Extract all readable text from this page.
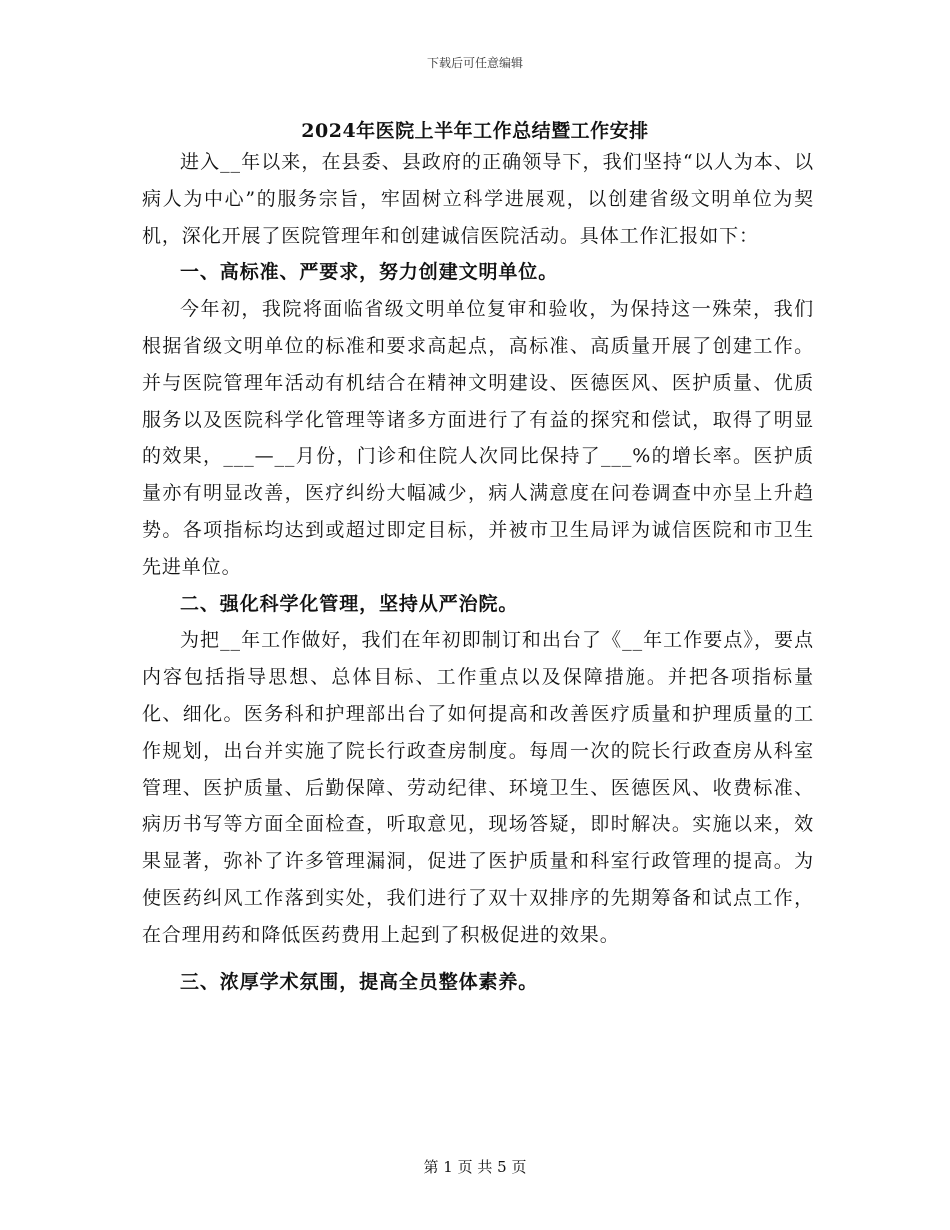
下载后可任意编辑
2024年医院上半年工作总结暨工作安排

进入__年以来，在县委、县政府的正确领导下，我们坚持“以人为本、以病人为中心”的服务宗旨，牢固树立科学进展观，以创建省级文明单位为契机，深化开展了医院管理年和创建诚信医院活动。具体工作汇报如下：

一、高标准、严要求，努力创建文明单位。

今年初，我院将面临省级文明单位复审和验收，为保持这一殊荣，我们根据省级文明单位的标准和要求高起点，高标准、高质量开展了创建工作。并与医院管理年活动有机结合在精神文明建设、医德医风、医护质量、优质服务以及医院科学化管理等诸多方面进行了有益的探究和偿试，取得了明显的效果，___—__月份，门诊和住院人次同比保持了___%的增长率。医护质量亦有明显改善，医疗纠纷大幅减少，病人满意度在问卷调查中亦呈上升趋势。各项指标均达到或超过即定目标，并被市卫生局评为诚信医院和市卫生先进单位。

二、强化科学化管理，坚持从严治院。

为把__年工作做好，我们在年初即制订和出台了《__年工作要点》，要点内容包括指导思想、总体目标、工作重点以及保障措施。并把各项指标量化、细化。医务科和护理部出台了如何提高和改善医疗质量和护理质量的工作规划，出台并实施了院长行政查房制度。每周一次的院长行政查房从科室管理、医护质量、后勤保障、劳动纪律、环境卫生、医德医风、收费标准、病历书写等方面全面检查，听取意见，现场答疑，即时解决。实施以来，效果显著，弥补了许多管理漏洞，促进了医护质量和科室行政管理的提高。为使医药纠风工作落到实处，我们进行了双十双排序的先期筹备和试点工作，在合理用药和降低医药费用上起到了积极促进的效果。

三、浓厚学术氛围，提高全员整体素养。

第 1 页 共 5 页
